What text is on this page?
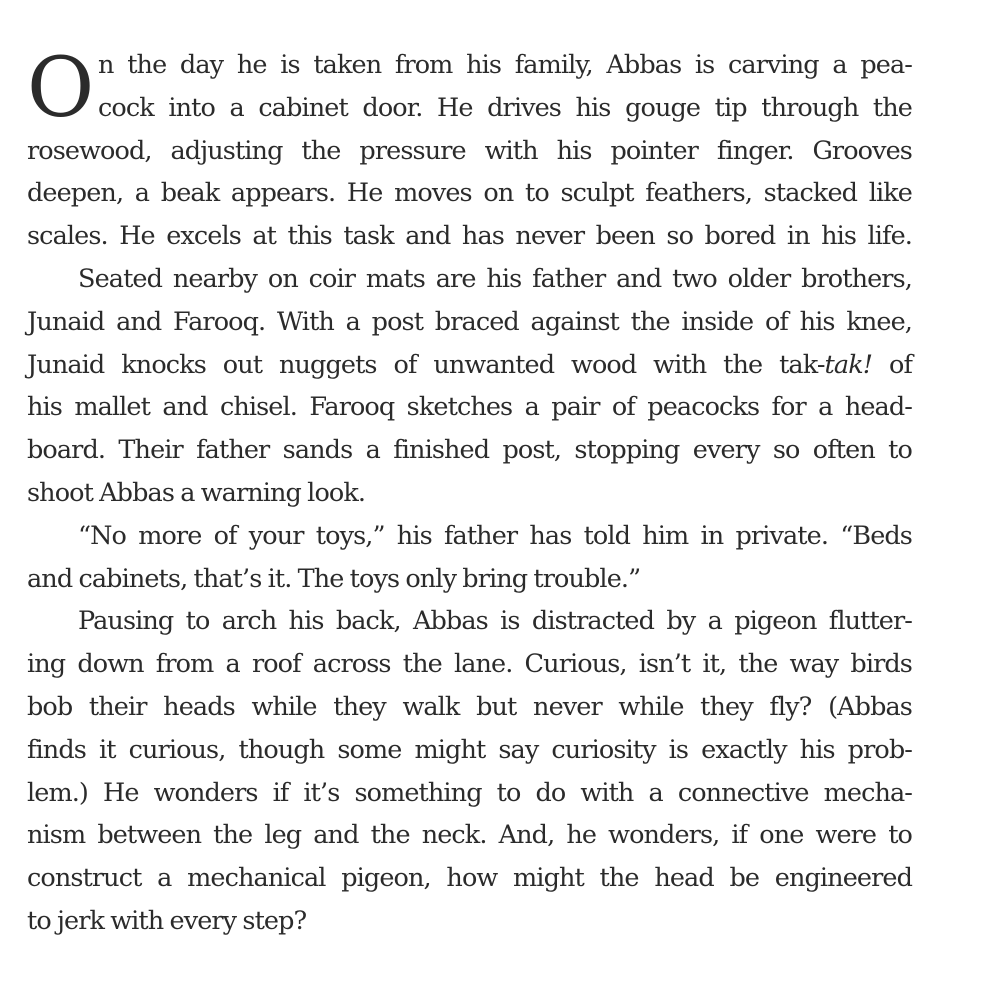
O n the day he is taken from his family, Abbas is carving a pea-
cock into a cabinet door. He drives his gouge tip through the
rosewood, adjusting the pressure with his pointer finger. Grooves
deepen, a beak appears. He moves on to sculpt feathers, stacked like
scales. He excels at this task and has never been so bored in his life.
Seated nearby on coir mats are his father and two older brothers,
Junaid and Farooq. With a post braced against the inside of his knee,
Junaid knocks out nuggets of unwanted wood with the tak-tak! of
his mallet and chisel. Farooq sketches a pair of peacocks for a head-
board. Their father sands a finished post, stopping every so often to
shoot Abbas a warning look.
“No more of your toys,” his father has told him in private. “Beds
and cabinets, that’s it. The toys only bring trouble.”
Pausing to arch his back, Abbas is distracted by a pigeon flutter-
ing down from a roof across the lane. Curious, isn’t it, the way birds
bob their heads while they walk but never while they fly? (Abbas
finds it curious, though some might say curiosity is exactly his prob-
lem.) He wonders if it’s something to do with a connective mecha-
nism between the leg and the neck. And, he wonders, if one were to
construct a mechanical pigeon, how might the head be engineered
to jerk with every step?
